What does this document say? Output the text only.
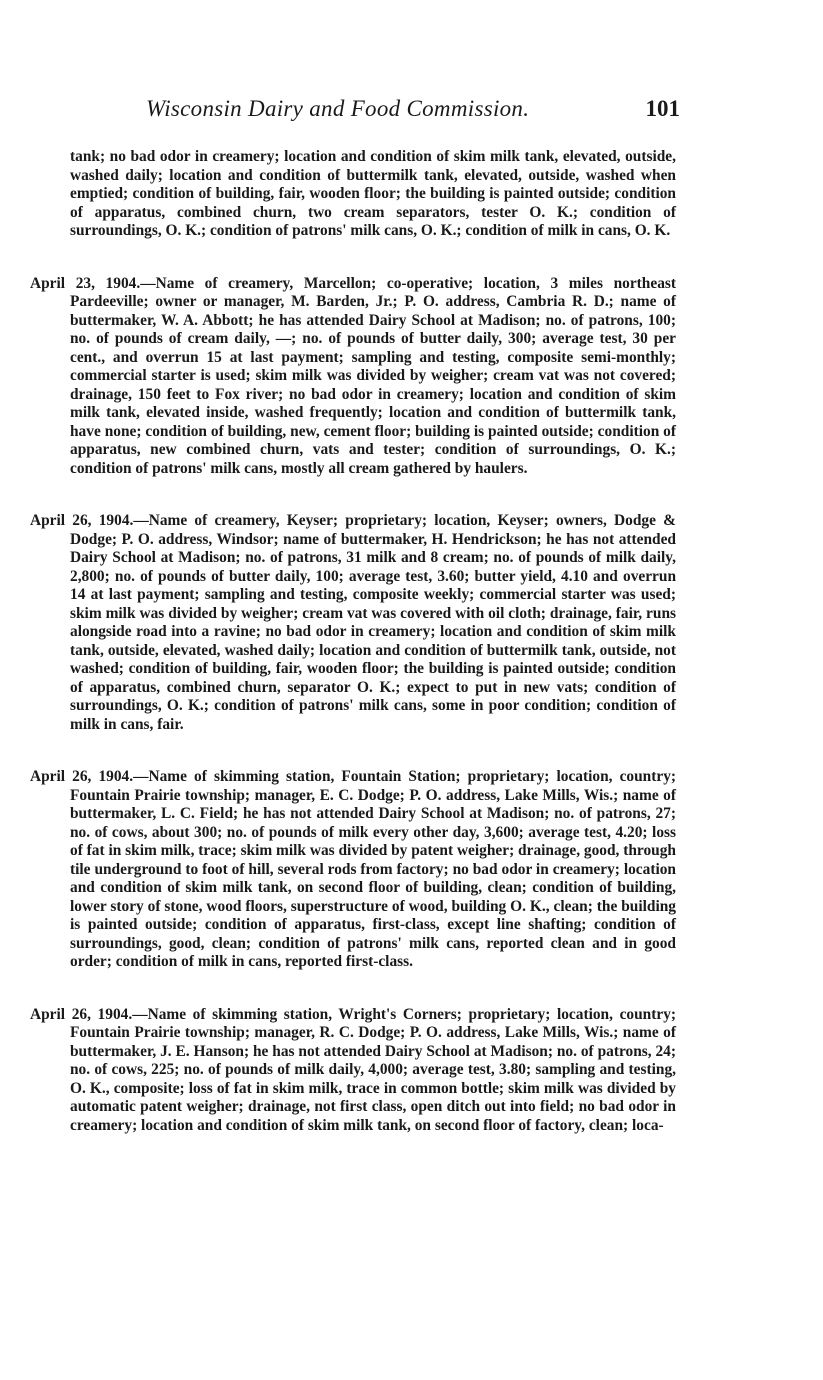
Wisconsin Dairy and Food Commission.	101

tank; no bad odor in creamery; location and condition of skim milk tank, elevated, outside, washed daily; location and condition of buttermilk tank, elevated, outside, washed when emptied; condition of building, fair, wooden floor; the building is painted outside; condition of apparatus, combined churn, two cream separators, tester O. K.; condition of surroundings, O. K.; condition of patrons' milk cans, O. K.; condition of milk in cans, O. K.

April 23, 1904.—Name of creamery, Marcellon; co-operative; location, 3 miles northeast Pardeeville; owner or manager, M. Barden, Jr.; P. O. address, Cambria R. D.; name of buttermaker, W. A. Abbott; he has attended Dairy School at Madison; no. of patrons, 100; no. of pounds of cream daily, —; no. of pounds of butter daily, 300; average test, 30 per cent., and overrun 15 at last payment; sampling and testing, composite semi-monthly; commercial starter is used; skim milk was divided by weigher; cream vat was not covered; drainage, 150 feet to Fox river; no bad odor in creamery; location and condition of skim milk tank, elevated inside, washed frequently; location and condition of buttermilk tank, have none; condition of building, new, cement floor; building is painted outside; condition of apparatus, new combined churn, vats and tester; condition of surroundings, O. K.; condition of patrons' milk cans, mostly all cream gathered by haulers.

April 26, 1904.—Name of creamery, Keyser; proprietary; location, Keyser; owners, Dodge & Dodge; P. O. address, Windsor; name of buttermaker, H. Hendrickson; he has not attended Dairy School at Madison; no. of patrons, 31 milk and 8 cream; no. of pounds of milk daily, 2,800; no. of pounds of butter daily, 100; average test, 3.60; butter yield, 4.10 and overrun 14 at last payment; sampling and testing, composite weekly; commercial starter was used; skim milk was divided by weigher; cream vat was covered with oil cloth; drainage, fair, runs alongside road into a ravine; no bad odor in creamery; location and condition of skim milk tank, outside, elevated, washed daily; location and condition of buttermilk tank, outside, not washed; condition of building, fair, wooden floor; the building is painted outside; condition of apparatus, combined churn, separator O. K.; expect to put in new vats; condition of surroundings, O. K.; condition of patrons' milk cans, some in poor condition; condition of milk in cans, fair.

April 26, 1904.—Name of skimming station, Fountain Station; proprietary; location, country; Fountain Prairie township; manager, E. C. Dodge; P. O. address, Lake Mills, Wis.; name of buttermaker, L. C. Field; he has not attended Dairy School at Madison; no. of patrons, 27; no. of cows, about 300; no. of pounds of milk every other day, 3,600; average test, 4.20; loss of fat in skim milk, trace; skim milk was divided by patent weigher; drainage, good, through tile underground to foot of hill, several rods from factory; no bad odor in creamery; location and condition of skim milk tank, on second floor of building, clean; condition of building, lower story of stone, wood floors, superstructure of wood, building O. K., clean; the building is painted outside; condition of apparatus, first-class, except line shafting; condition of surroundings, good, clean; condition of patrons' milk cans, reported clean and in good order; condition of milk in cans, reported first-class.

April 26, 1904.—Name of skimming station, Wright's Corners; proprietary; location, country; Fountain Prairie township; manager, R. C. Dodge; P. O. address, Lake Mills, Wis.; name of buttermaker, J. E. Hanson; he has not attended Dairy School at Madison; no. of patrons, 24; no. of cows, 225; no. of pounds of milk daily, 4,000; average test, 3.80; sampling and testing, O. K., composite; loss of fat in skim milk, trace in common bottle; skim milk was divided by automatic patent weigher; drainage, not first class, open ditch out into field; no bad odor in creamery; location and condition of skim milk tank, on second floor of factory, clean; loca-
